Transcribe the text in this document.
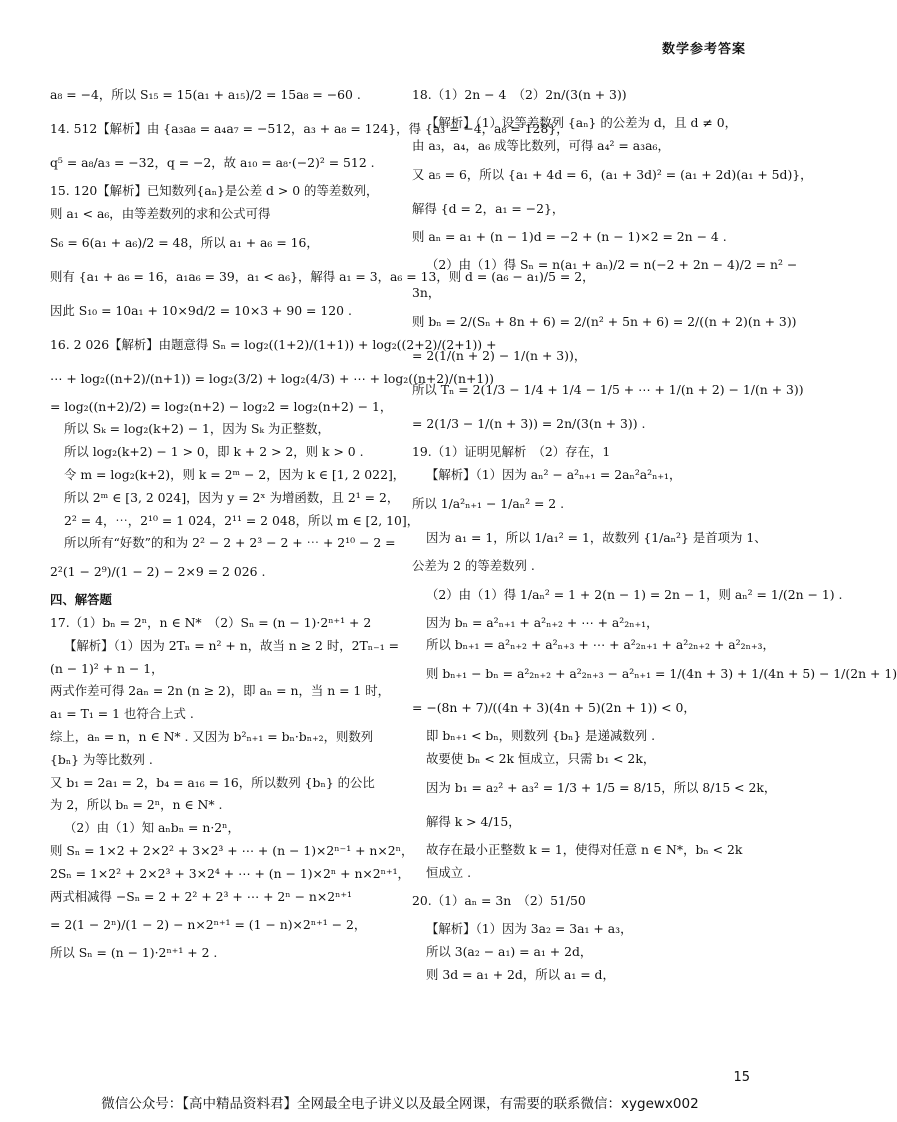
数学参考答案
a₈ = −4，所以 S₁₅ = 15(a₁ + a₁₅)/2 = 15a₈ = −60 .
14. 512【解析】由 {a₃a₈ = a₄a₇ = −512，a₃ + a₈ = 124}，得 {a₃ = −4，a₈ = 128}，
q⁵ = a₈/a₃ = −32，q = −2，故 a₁₀ = a₈·(−2)² = 512 .
15. 120【解析】已知数列{aₙ}是公差 d > 0 的等差数列，
则 a₁ < a₆，由等差数列的求和公式可得
S₆ = 6(a₁ + a₆)/2 = 48，所以 a₁ + a₆ = 16，
则有 {a₁ + a₆ = 16，a₁a₆ = 39，a₁ < a₆}，解得 a₁ = 3，a₆ = 13，则 d = (a₆ − a₁)/5 = 2，
因此 S₁₀ = 10a₁ + 10×9d/2 = 10×3 + 90 = 120 .
16. 2 026【解析】由题意得 Sₙ = log₂((1+2)/(1+1)) + log₂((2+2)/(2+1)) +
⋯ + log₂((n+2)/(n+1)) = log₂(3/2) + log₂(4/3) + ⋯ + log₂((n+2)/(n+1))
= log₂((n+2)/2) = log₂(n+2) − log₂2 = log₂(n+2) − 1，
所以 Sₖ = log₂(k+2) − 1，因为 Sₖ 为正整数，
所以 log₂(k+2) − 1 > 0，即 k + 2 > 2，则 k > 0 .
令 m = log₂(k+2)，则 k = 2ᵐ − 2，因为 k ∈ [1, 2 022]，
所以 2ᵐ ∈ [3, 2 024]，因为 y = 2ˣ 为增函数，且 2¹ = 2，
2² = 4，⋯，2¹⁰ = 1 024，2¹¹ = 2 048，所以 m ∈ [2, 10]，
所以所有“好数”的和为 2² − 2 + 2³ − 2 + ⋯ + 2¹⁰ − 2 =
2²(1 − 2⁹)/(1 − 2) − 2×9 = 2 026 .
四、解答题
17.（1）bₙ = 2ⁿ，n ∈ N*　（2）Sₙ = (n − 1)·2ⁿ⁺¹ + 2
【解析】（1）因为 2Tₙ = n² + n，故当 n ≥ 2 时，2Tₙ₋₁ =
(n − 1)² + n − 1，
两式作差可得 2aₙ = 2n (n ≥ 2)，即 aₙ = n，当 n = 1 时，
a₁ = T₁ = 1 也符合上式 .
综上，aₙ = n，n ∈ N* . 又因为 b²ₙ₊₁ = bₙ·bₙ₊₂，则数列
{bₙ} 为等比数列 .
又 b₁ = 2a₁ = 2，b₄ = a₁₆ = 16，所以数列 {bₙ} 的公比
为 2，所以 bₙ = 2ⁿ，n ∈ N* .
（2）由（1）知 aₙbₙ = n·2ⁿ，
则 Sₙ = 1×2 + 2×2² + 3×2³ + ⋯ + (n − 1)×2ⁿ⁻¹ + n×2ⁿ，
2Sₙ = 1×2² + 2×2³ + 3×2⁴ + ⋯ + (n − 1)×2ⁿ + n×2ⁿ⁺¹，
两式相减得 −Sₙ = 2 + 2² + 2³ + ⋯ + 2ⁿ − n×2ⁿ⁺¹
= 2(1 − 2ⁿ)/(1 − 2) − n×2ⁿ⁺¹ = (1 − n)×2ⁿ⁺¹ − 2，
所以 Sₙ = (n − 1)·2ⁿ⁺¹ + 2 .
18.（1）2n − 4　（2）2n/(3(n + 3))
【解析】（1）设等差数列 {aₙ} 的公差为 d，且 d ≠ 0，
由 a₃，a₄，a₆ 成等比数列，可得 a₄² = a₃a₆，
又 a₅ = 6，所以 {a₁ + 4d = 6，(a₁ + 3d)² = (a₁ + 2d)(a₁ + 5d)}，
解得 {d = 2，a₁ = −2}，
则 aₙ = a₁ + (n − 1)d = −2 + (n − 1)×2 = 2n − 4 .
（2）由（1）得 Sₙ = n(a₁ + aₙ)/2 = n(−2 + 2n − 4)/2 = n² −
3n，
则 bₙ = 2/(Sₙ + 8n + 6) = 2/(n² + 5n + 6) = 2/((n + 2)(n + 3))
= 2(1/(n + 2) − 1/(n + 3))，
所以 Tₙ = 2(1/3 − 1/4 + 1/4 − 1/5 + ⋯ + 1/(n + 2) − 1/(n + 3))
= 2(1/3 − 1/(n + 3)) = 2n/(3(n + 3)) .
19.（1）证明见解析　（2）存在，1
【解析】（1）因为 aₙ² − a²ₙ₊₁ = 2aₙ²a²ₙ₊₁，
所以 1/a²ₙ₊₁ − 1/aₙ² = 2 .
因为 a₁ = 1，所以 1/a₁² = 1，故数列 {1/aₙ²} 是首项为 1、
公差为 2 的等差数列 .
（2）由（1）得 1/aₙ² = 1 + 2(n − 1) = 2n − 1，则 aₙ² = 1/(2n − 1) .
因为 bₙ = a²ₙ₊₁ + a²ₙ₊₂ + ⋯ + a²₂ₙ₊₁，
所以 bₙ₊₁ = a²ₙ₊₂ + a²ₙ₊₃ + ⋯ + a²₂ₙ₊₁ + a²₂ₙ₊₂ + a²₂ₙ₊₃，
则 bₙ₊₁ − bₙ = a²₂ₙ₊₂ + a²₂ₙ₊₃ − a²ₙ₊₁ = 1/(4n + 3) + 1/(4n + 5) − 1/(2n + 1)
= −(8n + 7)/((4n + 3)(4n + 5)(2n + 1)) < 0，
即 bₙ₊₁ < bₙ，则数列 {bₙ} 是递减数列 .
故要使 bₙ < 2k 恒成立，只需 b₁ < 2k，
因为 b₁ = a₂² + a₃² = 1/3 + 1/5 = 8/15，所以 8/15 < 2k，
解得 k > 4/15，
故存在最小正整数 k = 1，使得对任意 n ∈ N*，bₙ < 2k
恒成立 .
20.（1）aₙ = 3n　（2）51/50
【解析】（1）因为 3a₂ = 3a₁ + a₃，
所以 3(a₂ − a₁) = a₁ + 2d，
则 3d = a₁ + 2d，所以 a₁ = d，
15
微信公众号：【高中精品资料君】全网最全电子讲义以及最全网课，有需要的联系微信：xygewx002
